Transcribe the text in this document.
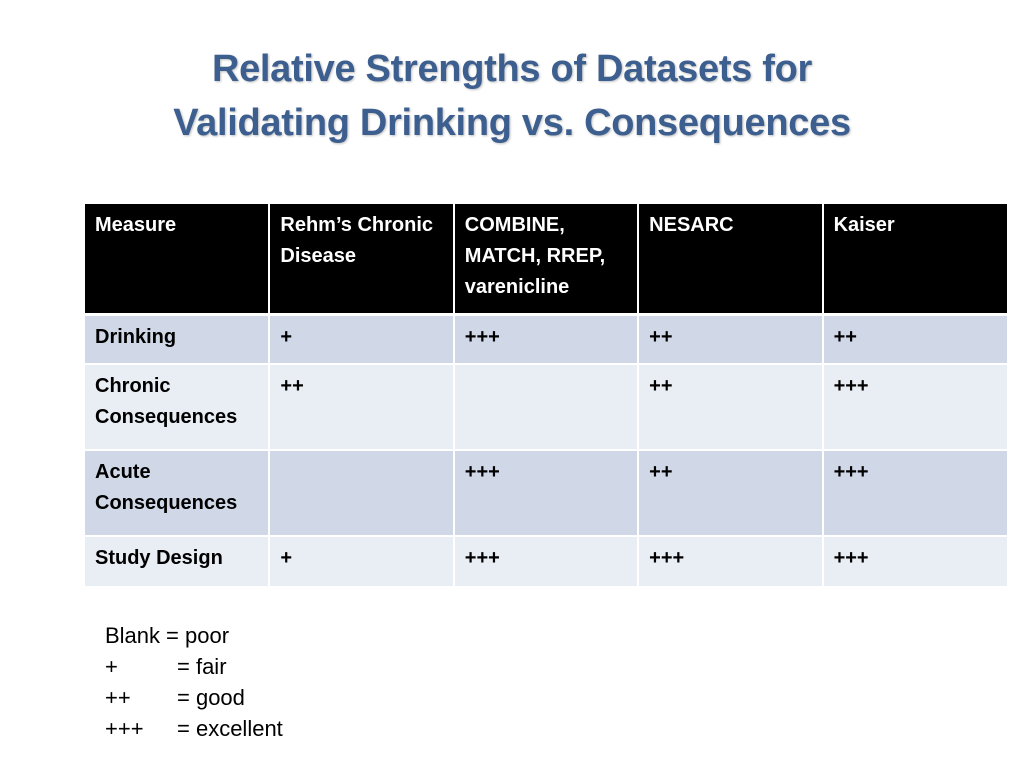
Relative Strengths of Datasets for
Validating Drinking vs. Consequences
Measure	Rehm’s Chronic Disease	COMBINE, MATCH, RREP, varenicline	NESARC	Kaiser
Drinking	+	+++	++	++
Chronic Consequences	++		++	+++
Acute Consequences		+++	++	+++
Study Design	+	+++	+++	+++
Blank = poor
+	= fair
++	= good
+++	= excellent
